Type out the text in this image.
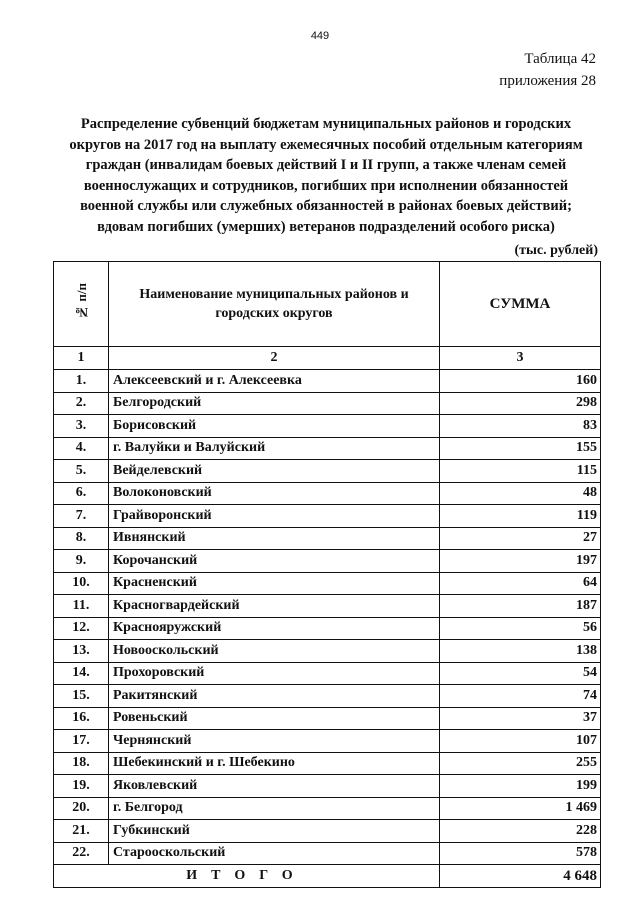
449
Таблица 42
приложения 28
Распределение субвенций бюджетам муниципальных районов и городских округов на 2017 год на выплату ежемесячных пособий отдельным категориям граждан (инвалидам боевых действий I и II групп, а также членам семей военнослужащих и сотрудников, погибших при исполнении обязанностей военной службы или служебных обязанностей в районах боевых действий; вдовам погибших (умерших) ветеранов подразделений особого риска)
(тыс. рублей)
№ п/п	Наименование муниципальных районов и городских округов	СУММА
1	2	3
1.	Алексеевский и г. Алексеевка	160
2.	Белгородский	298
3.	Борисовский	83
4.	г. Валуйки и Валуйский	155
5.	Вейделевский	115
6.	Волоконовский	48
7.	Грайворонский	119
8.	Ивнянский	27
9.	Корочанский	197
10.	Красненский	64
11.	Красногвардейский	187
12.	Краснояружский	56
13.	Новооскольский	138
14.	Прохоровский	54
15.	Ракитянский	74
16.	Ровеньский	37
17.	Чернянский	107
18.	Шебекинский и г. Шебекино	255
19.	Яковлевский	199
20.	г. Белгород	1 469
21.	Губкинский	228
22.	Старооскольский	578
ИТОГО		4 648
